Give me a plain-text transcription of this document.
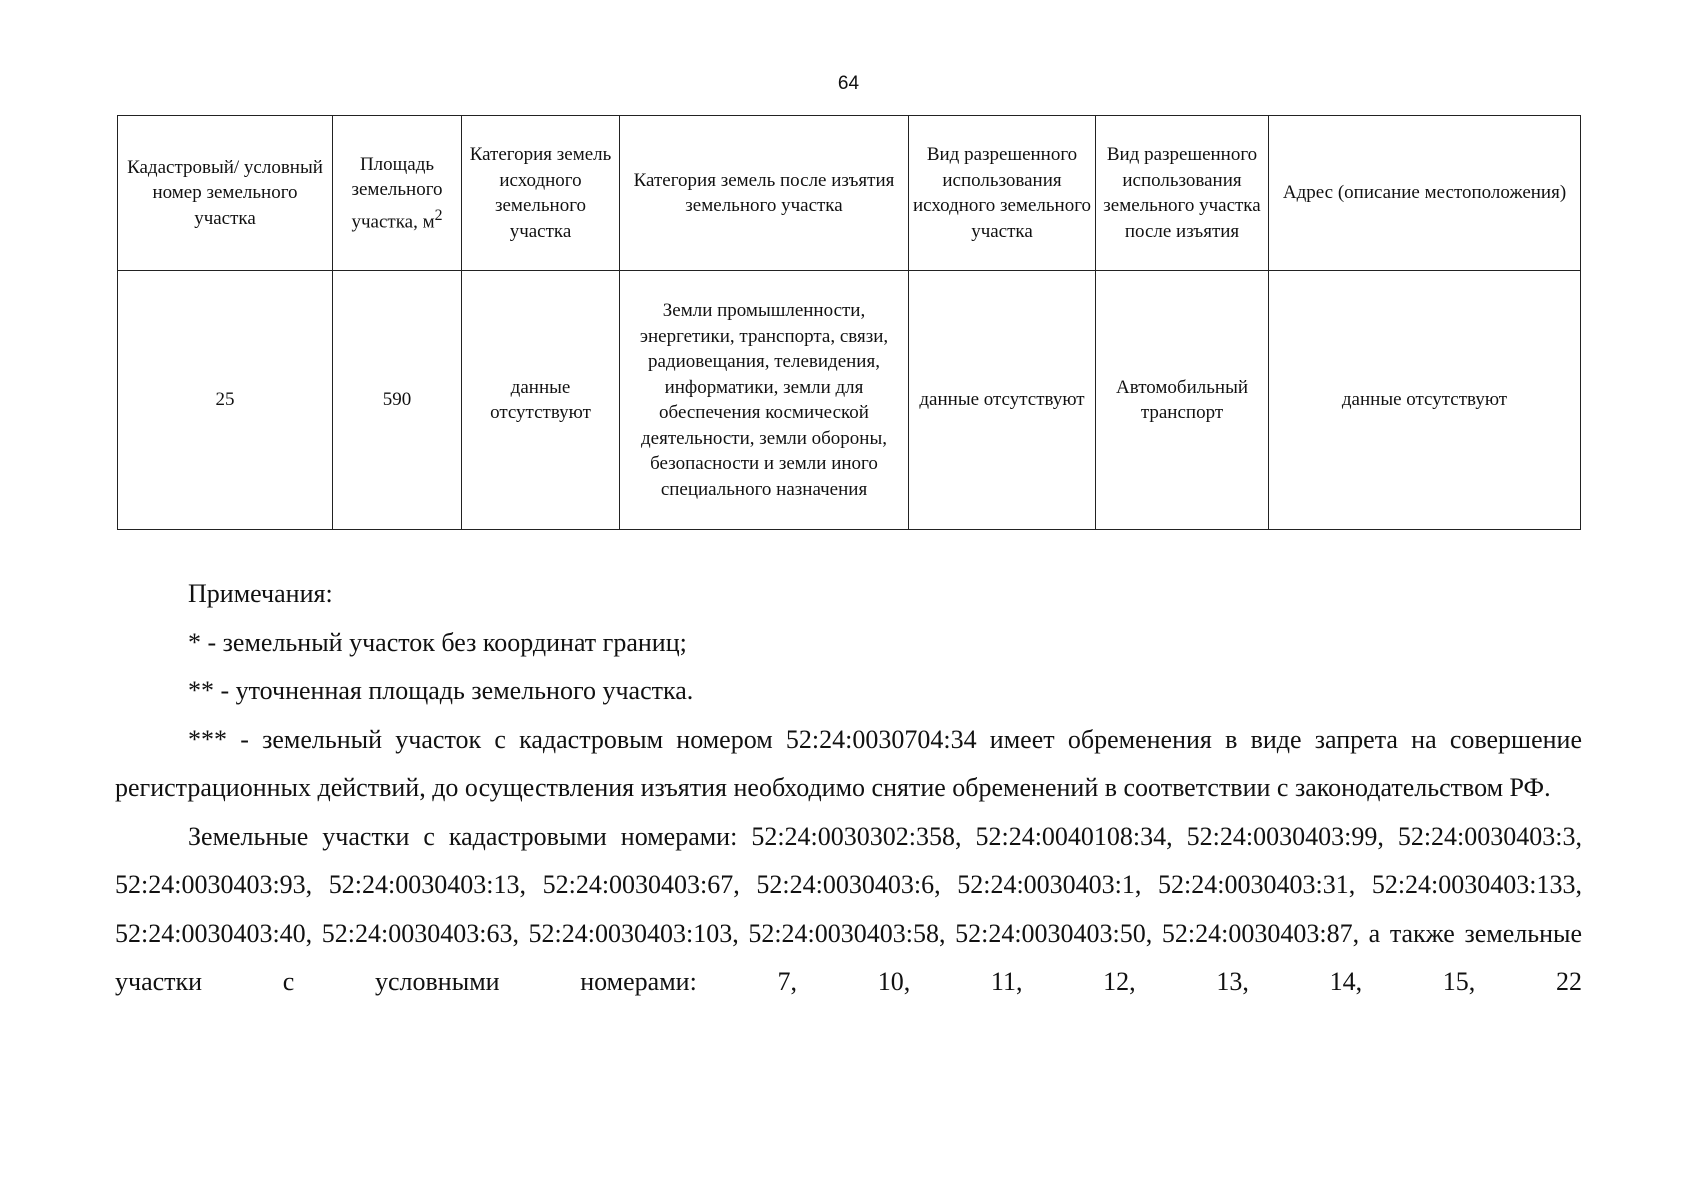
64
Кадастровый/ условный номер земельного участка	Площадь земельного участка, $м^2$	Категория земель исходного земельного участка	Категория земель после изъятия земельного участка	Вид разрешенного использования исходного земельного участка	Вид разрешенного использования земельного участка после изъятия	Адрес (описание местоположения)
25	590	данные отсутствуют	Земли промышленности, энергетики, транспорта, связи, радиовещания, телевидения, информатики, земли для обеспечения космической деятельности, земли обороны, безопасности и земли иного специального назначения	данные отсутствуют	Автомобильный транспорт	данные отсутствуют

Примечания:

* - земельный участок без координат границ;

** - уточненная площадь земельного участка.

*** - земельный участок с кадастровым номером 52:24:0030704:34 имеет обременения в виде запрета на совершение регистрационных действий, до осуществления изъятия необходимо снятие обременений в соответствии с законодательством РФ.

Земельные участки с кадастровыми номерами: 52:24:0030302:358, 52:24:0040108:34, 52:24:0030403:99, 52:24:0030403:3, 52:24:0030403:93, 52:24:0030403:13, 52:24:0030403:67, 52:24:0030403:6, 52:24:0030403:1, 52:24:0030403:31, 52:24:0030403:133, 52:24:0030403:40, 52:24:0030403:63, 52:24:0030403:103, 52:24:0030403:58, 52:24:0030403:50, 52:24:0030403:87, а также земельные участки с условными номерами: 7, 10, 11, 12, 13, 14, 15, 22
